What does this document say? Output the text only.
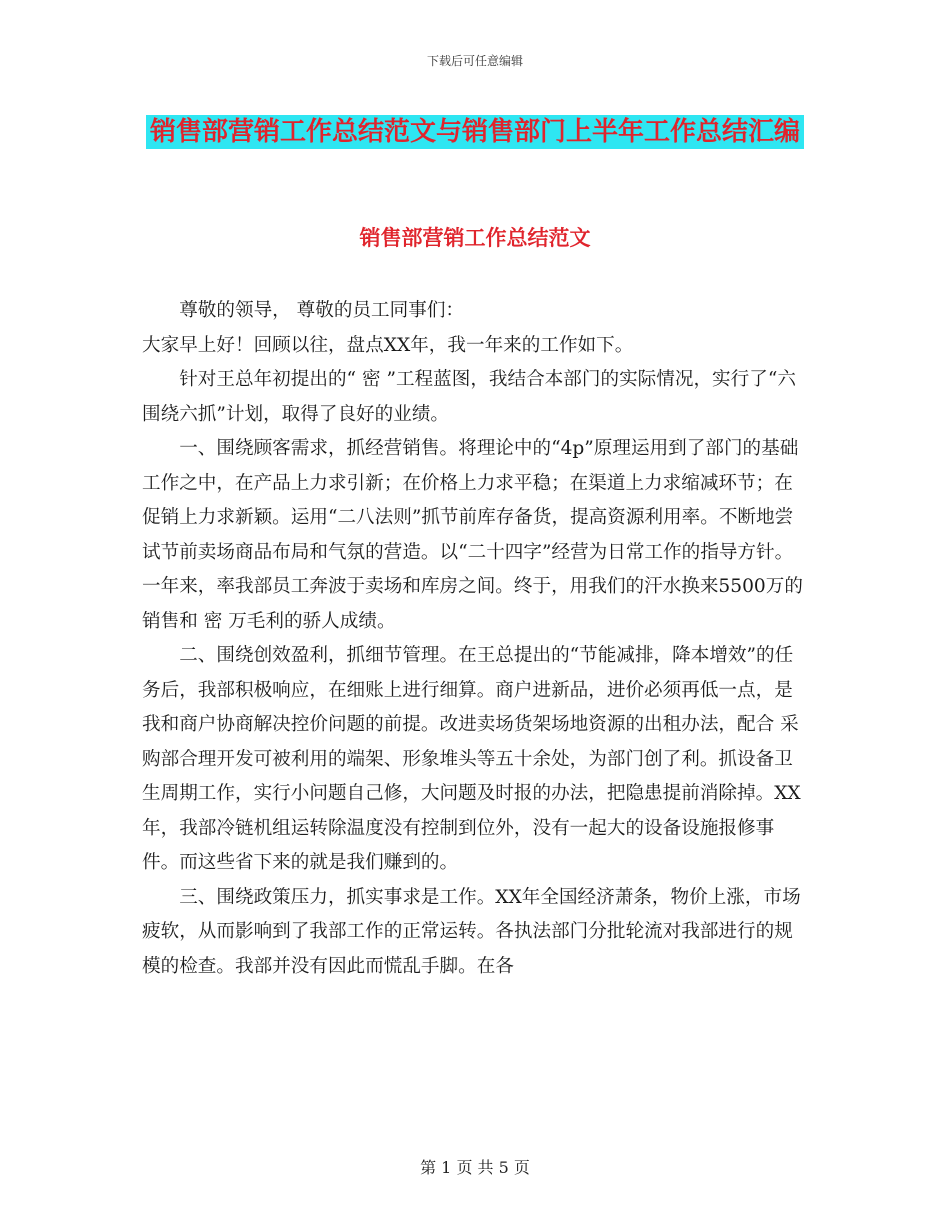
下载后可任意编辑
销售部营销工作总结范文与销售部门上半年工作总结汇编
销售部营销工作总结范文

尊敬的领导， 尊敬的员工同事们：

大家早上好！回顾以往，盘点XX年，我一年来的工作如下。

针对王总年初提出的“ 密 ”工程蓝图，我结合本部门的实际情况，实行了“六围绕六抓”计划，取得了良好的业绩。

一、围绕顾客需求，抓经营销售。将理论中的“4p”原理运用到了部门的基础工作之中，在产品上力求引新；在价格上力求平稳；在渠道上力求缩减环节；在促销上力求新颖。运用“二八法则”抓节前库存备货，提高资源利用率。不断地尝试节前卖场商品布局和气氛的营造。以“二十四字”经营为日常工作的指导方针。一年来，率我部员工奔波于卖场和库房之间。终于，用我们的汗水换来5500万的销售和 密 万毛利的骄人成绩。

二、围绕创效盈利，抓细节管理。在王总提出的“节能减排，降本增效”的任务后，我部积极响应，在细账上进行细算。商户进新品，进价必须再低一点，是我和商户协商解决控价问题的前提。改进卖场货架场地资源的出租办法，配合 采购部合理开发可被利用的端架、形象堆头等五十余处，为部门创了利。抓设备卫生周期工作，实行小问题自己修，大问题及时报的办法，把隐患提前消除掉。XX年，我部冷链机组运转除温度没有控制到位外，没有一起大的设备设施报修事件。而这些省下来的就是我们赚到的。

三、围绕政策压力，抓实事求是工作。XX年全国经济萧条，物价上涨，市场疲软，从而影响到了我部工作的正常运转。各执法部门分批轮流对我部进行的规模的检查。我部并没有因此而慌乱手脚。在各

第 1 页 共 5 页
